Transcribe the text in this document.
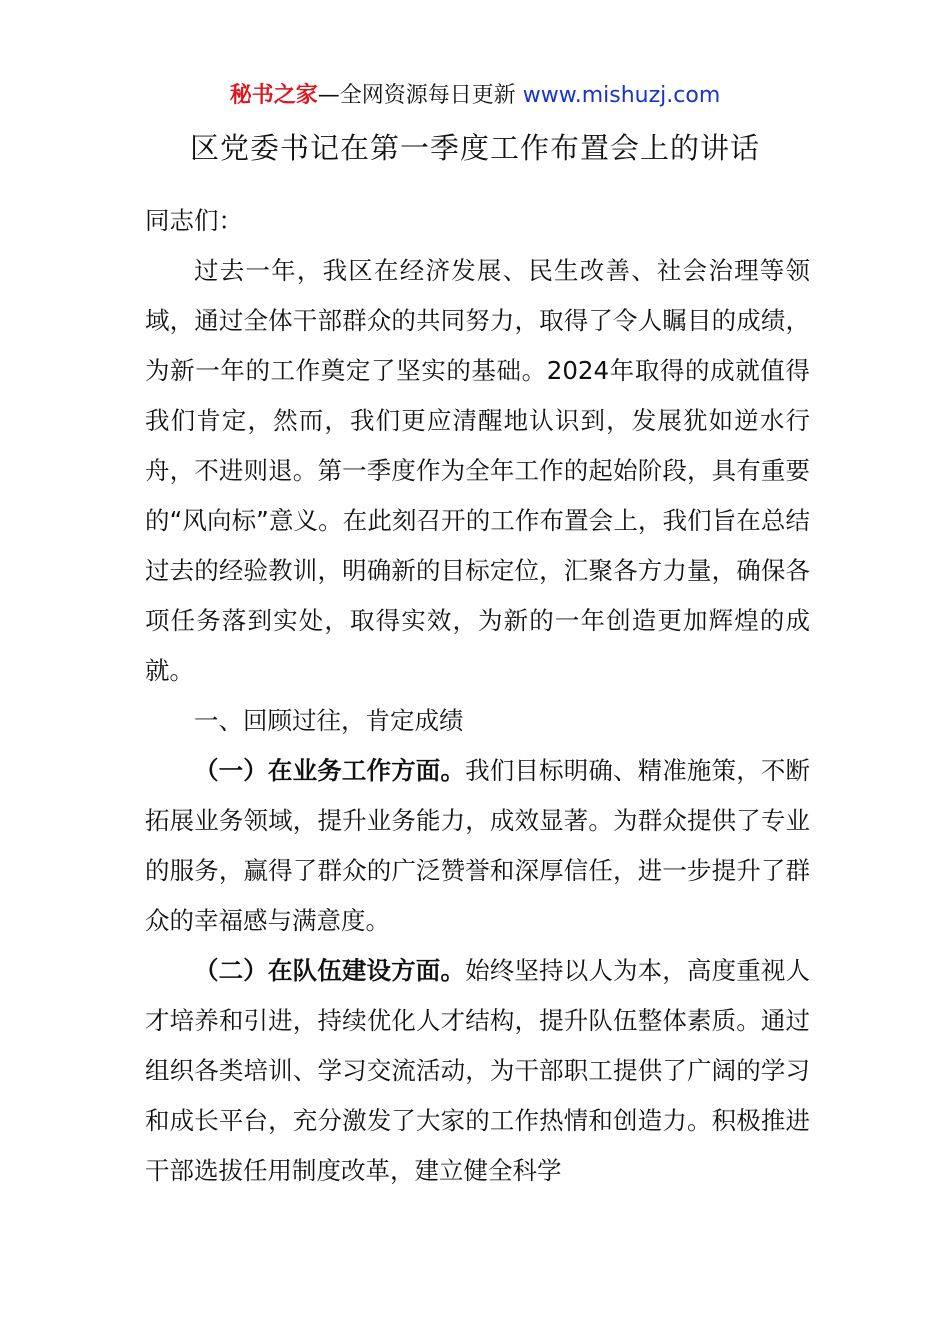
秘书之家—全网资源每日更新 www.mishuzj.com
区党委书记在第一季度工作布置会上的讲话

同志们：

过去一年，我区在经济发展、民生改善、社会治理等领域，通过全体干部群众的共同努力，取得了令人瞩目的成绩，为新一年的工作奠定了坚实的基础。2024年取得的成就值得我们肯定，然而，我们更应清醒地认识到，发展犹如逆水行舟，不进则退。第一季度作为全年工作的起始阶段，具有重要的“风向标”意义。在此刻召开的工作布置会上，我们旨在总结过去的经验教训，明确新的目标定位，汇聚各方力量，确保各项任务落到实处，取得实效，为新的一年创造更加辉煌的成就。

一、回顾过往，肯定成绩

（一）在业务工作方面。我们目标明确、精准施策，不断拓展业务领域，提升业务能力，成效显著。为群众提供了专业的服务，赢得了群众的广泛赞誉和深厚信任，进一步提升了群众的幸福感与满意度。

（二）在队伍建设方面。始终坚持以人为本，高度重视人才培养和引进，持续优化人才结构，提升队伍整体素质。通过组织各类培训、学习交流活动，为干部职工提供了广阔的学习和成长平台，充分激发了大家的工作热情和创造力。积极推进干部选拔任用制度改革，建立健全科学
